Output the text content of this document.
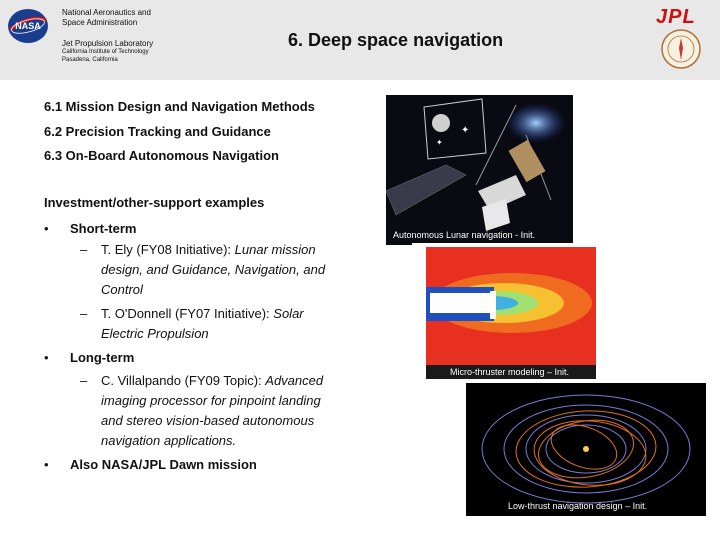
NASA
National Aeronautics and
Space Administration
Jet Propulsion Laboratory
California Institute of Technology
Pasadena, California
6. Deep space navigation
JPL
6.1 Mission Design and Navigation Methods
6.2 Precision Tracking and Guidance
6.3 On-Board Autonomous Navigation
Investment/other-support examples
• Short-term
– T. Ely (FY08 Initiative): Lunar mission
design, and Guidance, Navigation, and
Control
– T. O'Donnell (FY07 Initiative): Solar
Electric Propulsion
• Long-term
– C. Villalpando (FY09 Topic): Advanced
imaging processor for pinpoint landing
and stereo vision-based autonomous
navigation applications.
• Also NASA/JPL Dawn mission
✦
✦
Autonomous Lunar navigation - Init.
Micro-thruster modeling – Init.
Low-thrust navigation design – Init.
